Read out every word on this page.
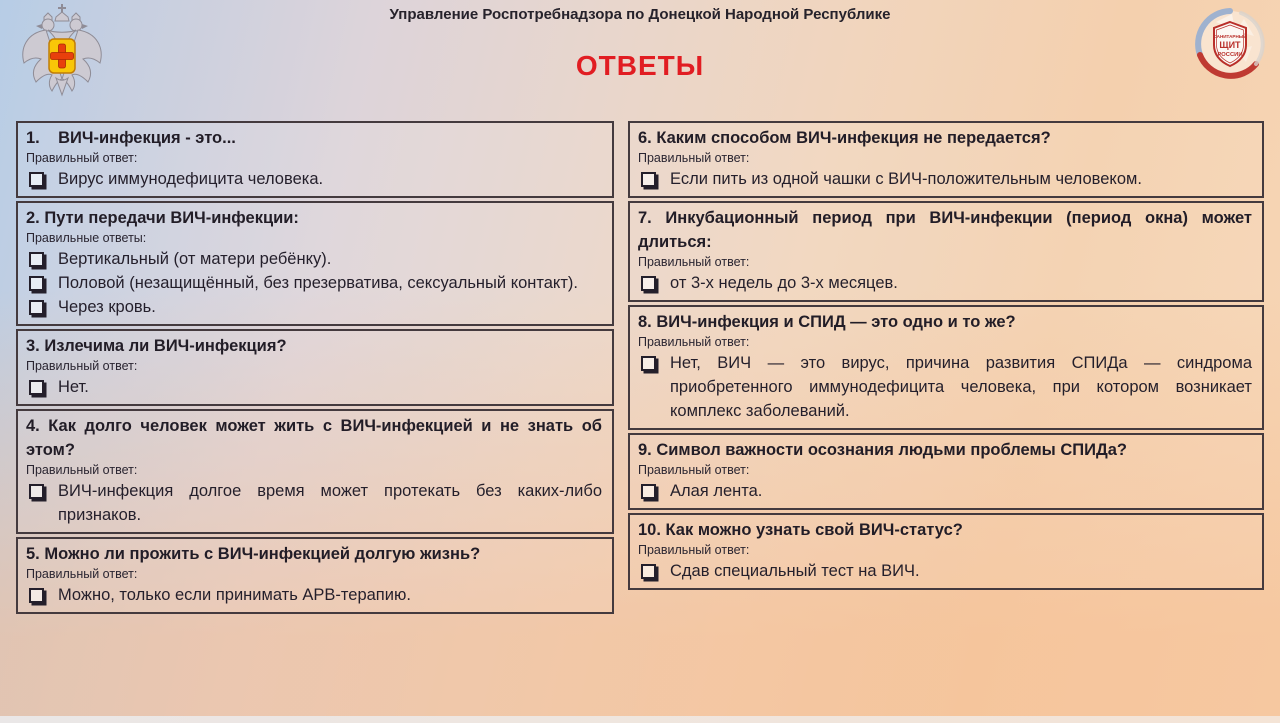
Управление Роспотребнадзора по Донецкой Народной Республике
ОТВЕТЫ
САНИТАРНЫЙ
ЩИТ
РОССИИ
1.    ВИЧ-инфекция - это...
Правильный ответ:
Вирус иммунодефицита человека.
2. Пути передачи ВИЧ-инфекции:
Правильные ответы:
Вертикальный (от матери ребёнку).
Половой (незащищённый, без презерватива, сексуальный контакт).
Через кровь.
3. Излечима ли ВИЧ-инфекция?
Правильный ответ:
Нет.
4. Как долго человек может жить с ВИЧ-инфекцией и не знать об этом?
Правильный ответ:
ВИЧ-инфекция долгое время может протекать без каких-либо признаков.
5. Можно ли прожить с ВИЧ-инфекцией долгую жизнь?
Правильный ответ:
Можно, только если принимать АРВ-терапию.
6. Каким способом ВИЧ-инфекция не передается?
Правильный ответ:
Если пить из одной чашки с ВИЧ-положительным человеком.
7. Инкубационный период при ВИЧ-инфекции (период окна) может длиться:
Правильный ответ:
от 3-х недель до 3-х месяцев.
8. ВИЧ-инфекция и СПИД — это одно и то же?
Правильный ответ:
Нет, ВИЧ — это вирус, причина развития СПИДа — синдрома приобретенного иммунодефицита человека, при котором возникает комплекс заболеваний.
9. Символ важности осознания людьми проблемы СПИДа?
Правильный ответ:
Алая лента.
10. Как можно узнать свой ВИЧ-статус?
Правильный ответ:
Сдав специальный тест на ВИЧ.
